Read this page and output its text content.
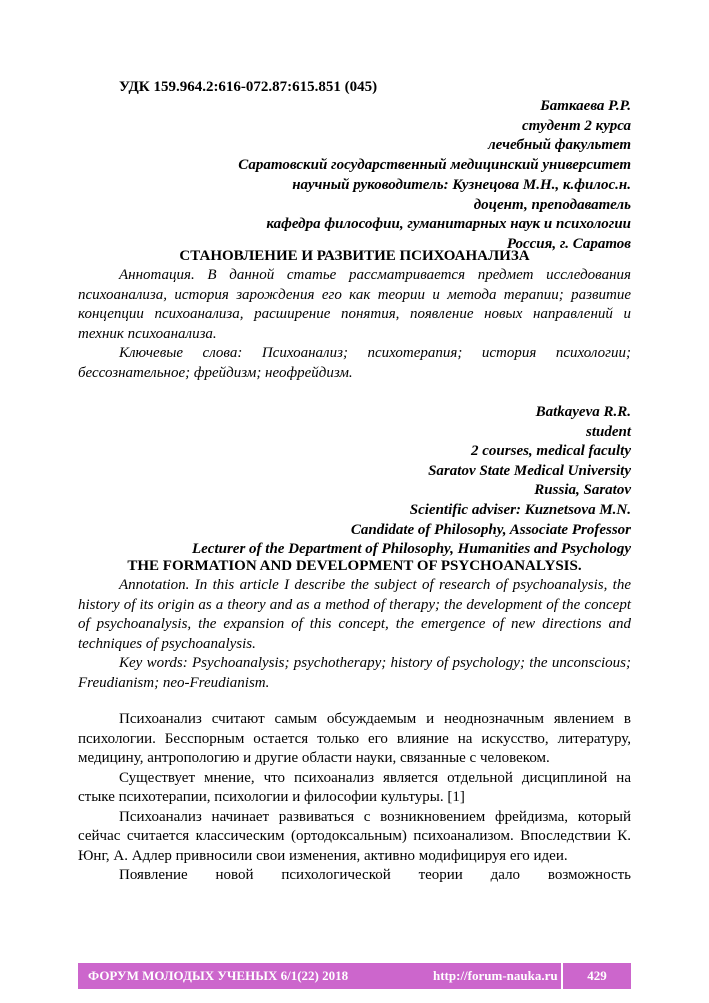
УДК 159.964.2:616-072.87:615.851 (045)
Баткаева Р.Р.
студент 2 курса
лечебный факультет
Саратовский государственный медицинский университет
научный руководитель: Кузнецова М.Н., к.филос.н.
доцент, преподаватель
кафедра философии, гуманитарных наук и психологии
Россия, г. Саратов
СТАНОВЛЕНИЕ И РАЗВИТИЕ ПСИХОАНАЛИЗА

Аннотация. В данной статье рассматривается предмет исследования психоанализа, история зарождения его как теории и метода терапии; развитие концепции психоанализа, расширение понятия, появление новых направлений и техник психоанализа.

Ключевые слова: Психоанализ; психотерапия; история психологии; бессознательное; фрейдизм; неофрейдизм.

Batkayeva R.R.
student
2 courses, medical faculty
Saratov State Medical University
Russia, Saratov
Scientific adviser: Kuznetsova M.N.
Candidate of Philosophy, Associate Professor
Lecturer of the Department of Philosophy, Humanities and Psychology
THE FORMATION AND DEVELOPMENT OF PSYCHOANALYSIS.

Annotation. In this article I describe the subject of research of psychoanalysis, the history of its origin as a theory and as a method of therapy; the development of the concept of psychoanalysis, the expansion of this concept, the emergence of new directions and techniques of psychoanalysis.

Key words: Psychoanalysis; psychotherapy; history of psychology; the unconscious; Freudianism; neo-Freudianism.

Психоанализ считают самым обсуждаемым и неоднозначным явлением в психологии. Бесспорным остается только его влияние на искусство, литературу, медицину, антропологию и другие области науки, связанные с человеком.

Существует мнение, что психоанализ является отдельной дисциплиной на стыке психотерапии, психологии и философии культуры. [1]

Психоанализ начинает развиваться с возникновением фрейдизма, который сейчас считается классическим (ортодоксальным) психоанализом. Впоследствии К. Юнг, А. Адлер привносили свои изменения, активно модифицируя его идеи.

Появление новой психологической теории дало возможность

ФОРУМ МОЛОДЫХ УЧЕНЫХ 6/1(22) 2018	http://forum-nauka.ru	429
